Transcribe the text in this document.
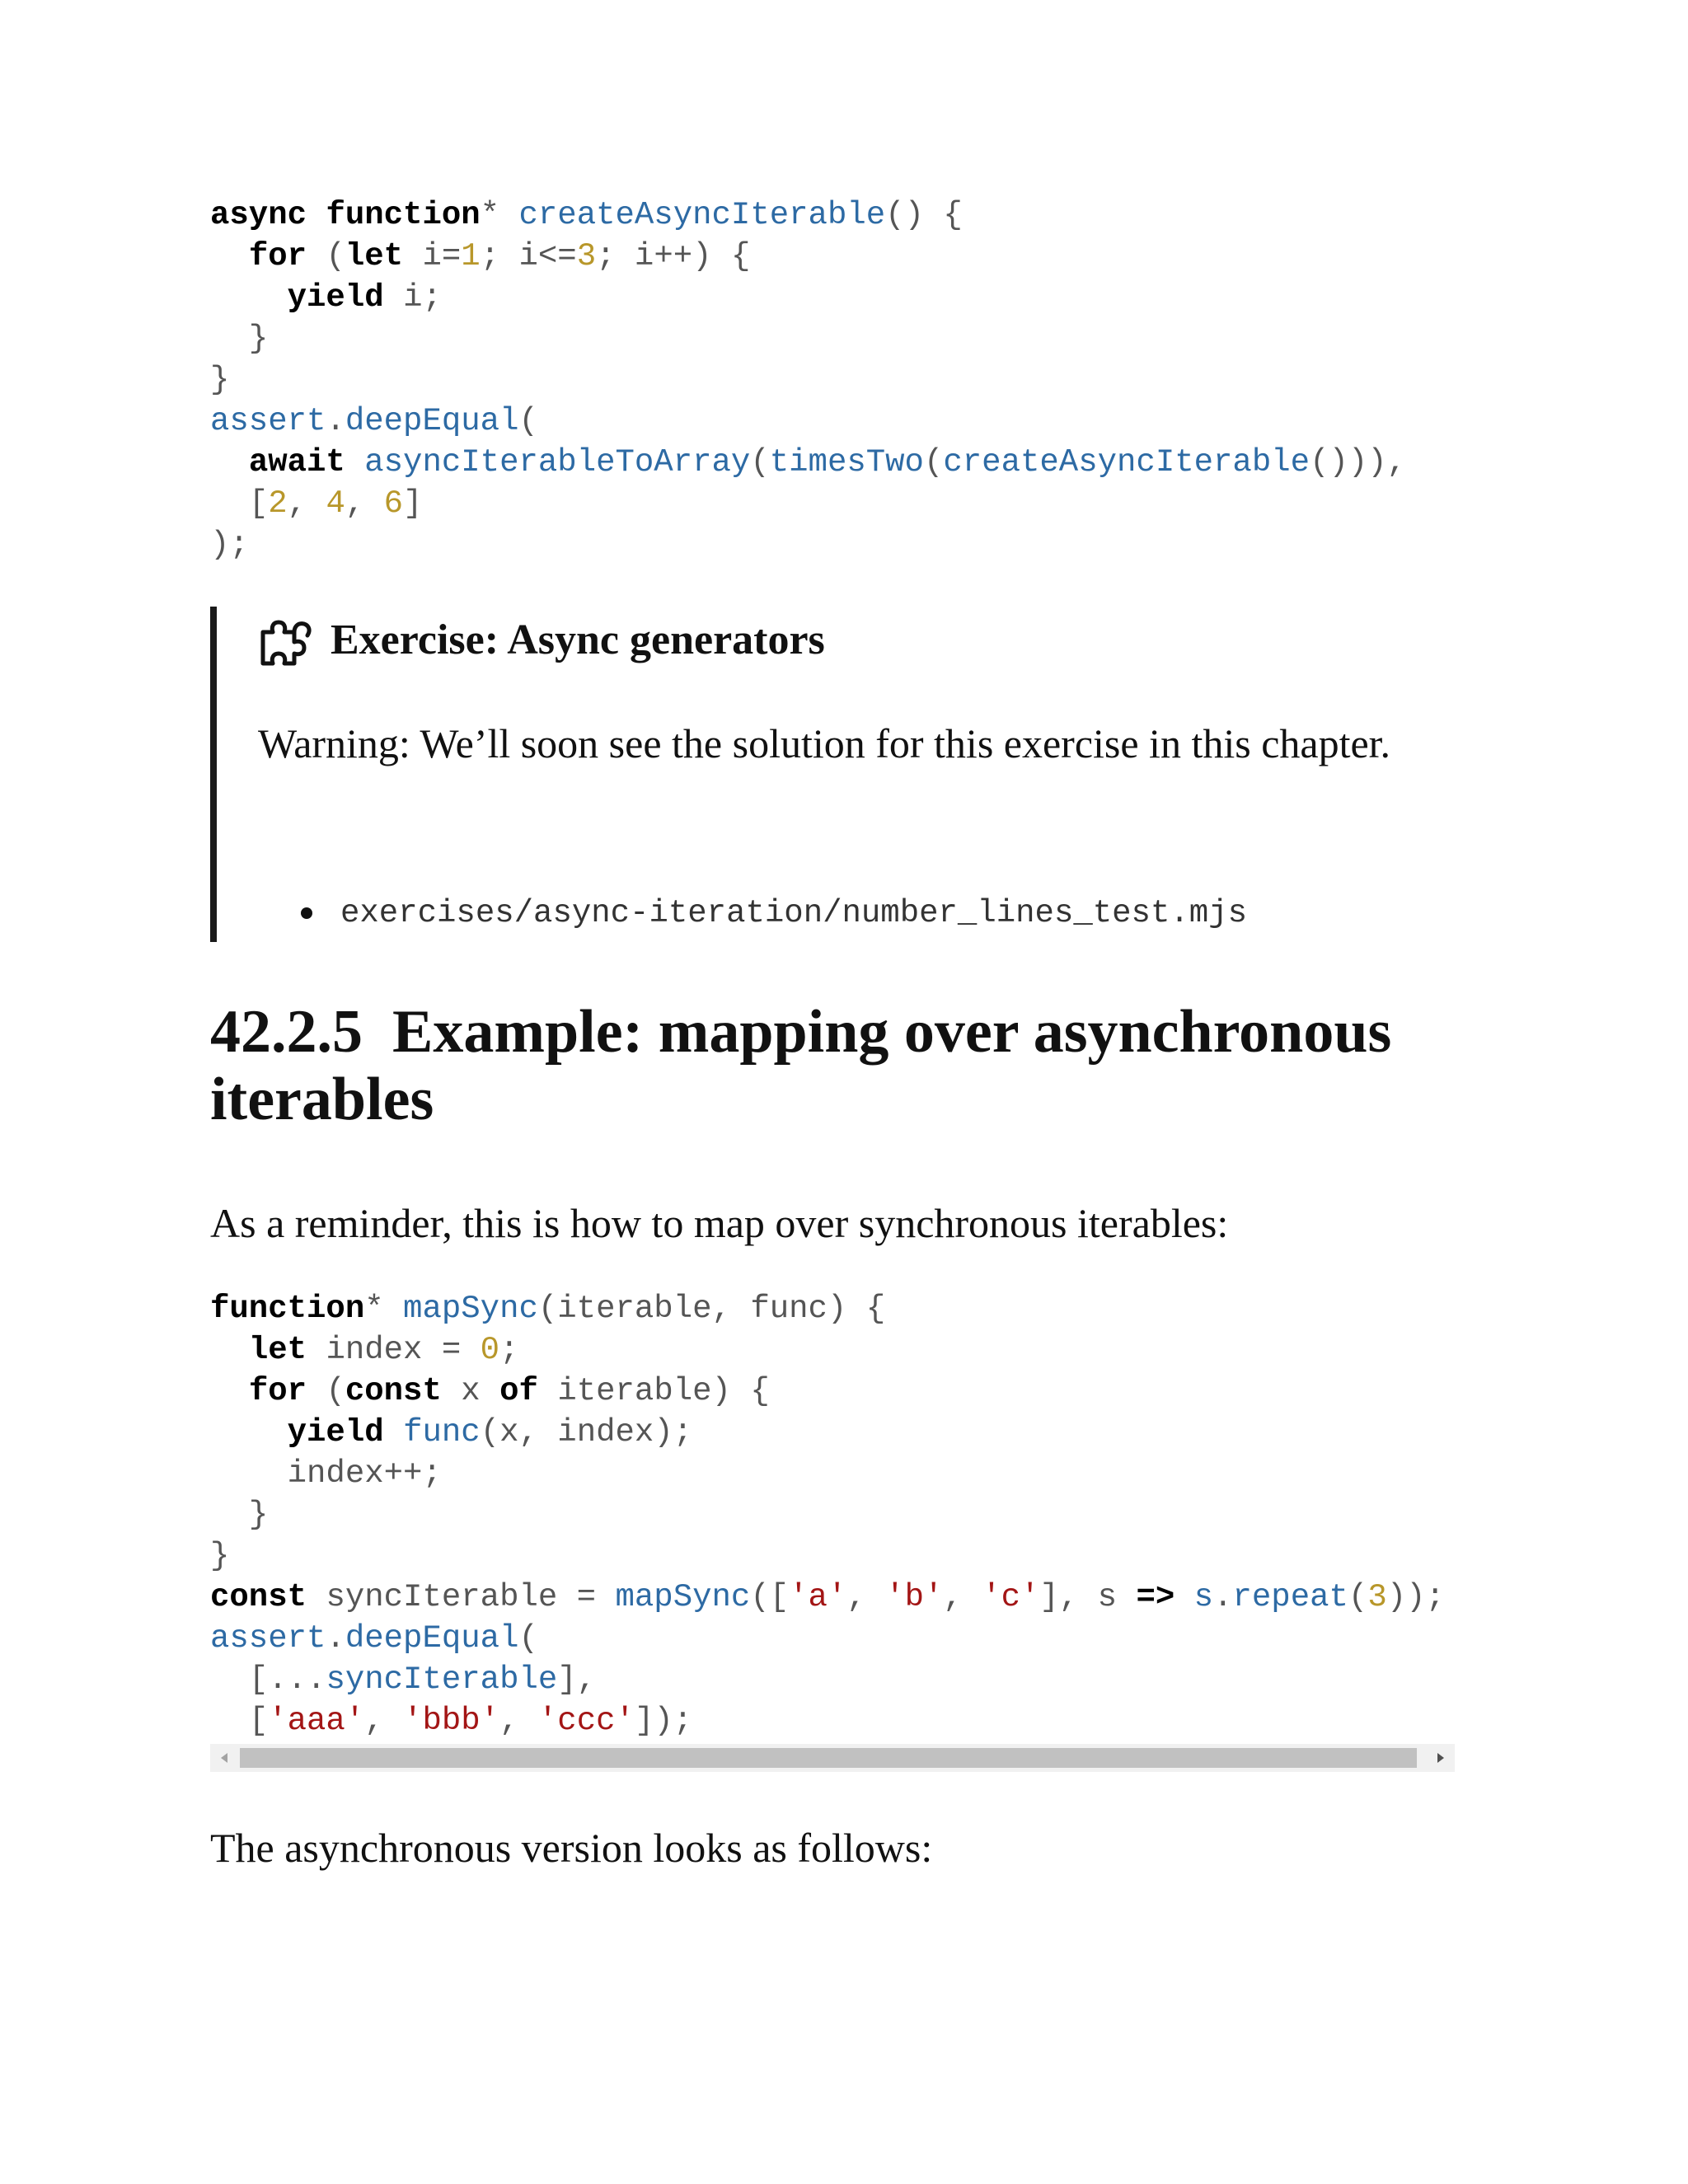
async function* createAsyncIterable() {
for (let i=1; i<=3; i++) {
yield i;
}
}
assert.deepEqual(
await asyncIterableToArray(timesTwo(createAsyncIterable())),
[2, 4, 6]
);
Exercise: Async generators
Warning: We’ll soon see the solution for this exercise in this chapter.
exercises/async-iteration/number_lines_test.mjs
42.2.5 Example: mapping over asynchronous iterables

As a reminder, this is how to map over synchronous iterables:

function* mapSync(iterable, func) {
let index = 0;
for (const x of iterable) {
yield func(x, index);
index++;
}
}
const syncIterable = mapSync(['a', 'b', 'c'], s => s.repeat(3));
assert.deepEqual(
[...syncIterable],
['aaa', 'bbb', 'ccc']);

The asynchronous version looks as follows:
